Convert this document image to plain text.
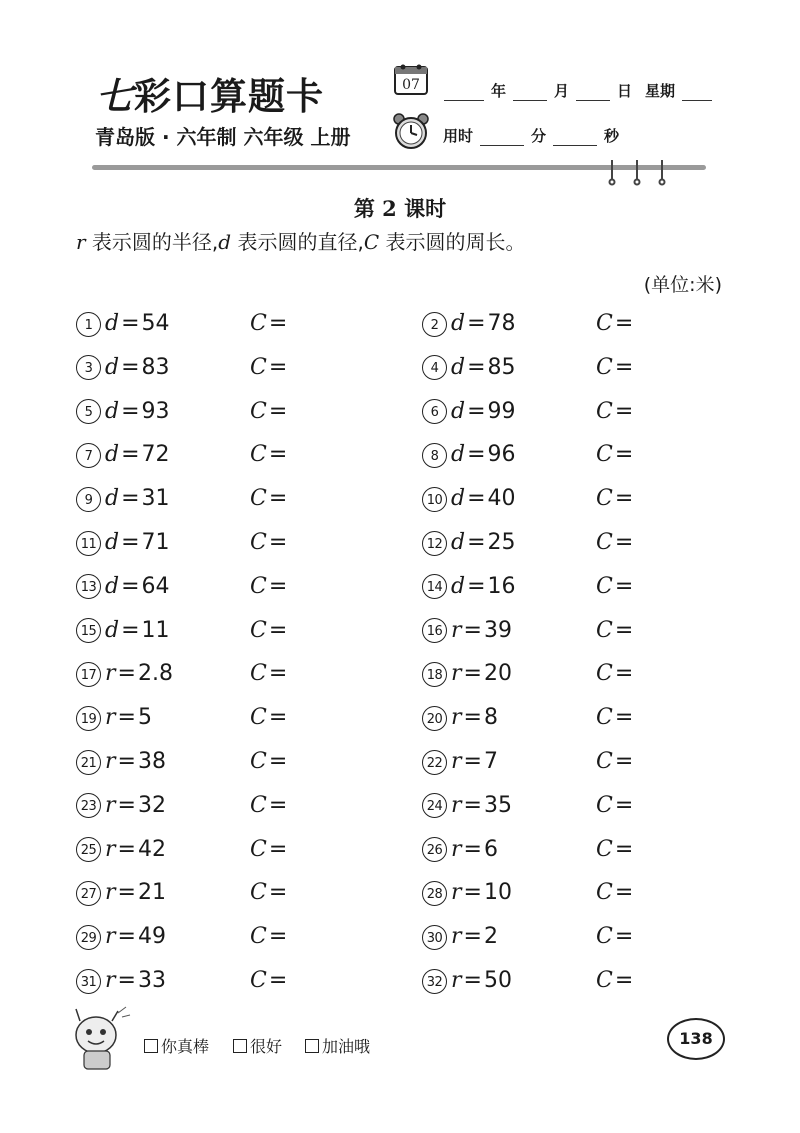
七彩口算题卡
青岛版 · 六年制 六年级 上册
07	年	月	日 星期
用时	分	秒
第 2 课时
r 表示圆的半径,d 表示圆的直径,C 表示圆的周长。
(单位:米)
1 d=54	C=	2 d=78	C=
3 d=83	C=	4 d=85	C=
5 d=93	C=	6 d=99	C=
7 d=72	C=	8 d=96	C=
9 d=31	C=	10 d=40	C=
11 d=71	C=	12 d=25	C=
13 d=64	C=	14 d=16	C=
15 d=11	C=	16 r=39	C=
17 r=2.8	C=	18 r=20	C=
19 r=5	C=	20 r=8	C=
21 r=38	C=	22 r=7	C=
23 r=32	C=	24 r=35	C=
25 r=42	C=	26 r=6	C=
27 r=21	C=	28 r=10	C=
29 r=49	C=	30 r=2	C=
31 r=33	C=	32 r=50	C=
你真棒	很好 加油哦	138
